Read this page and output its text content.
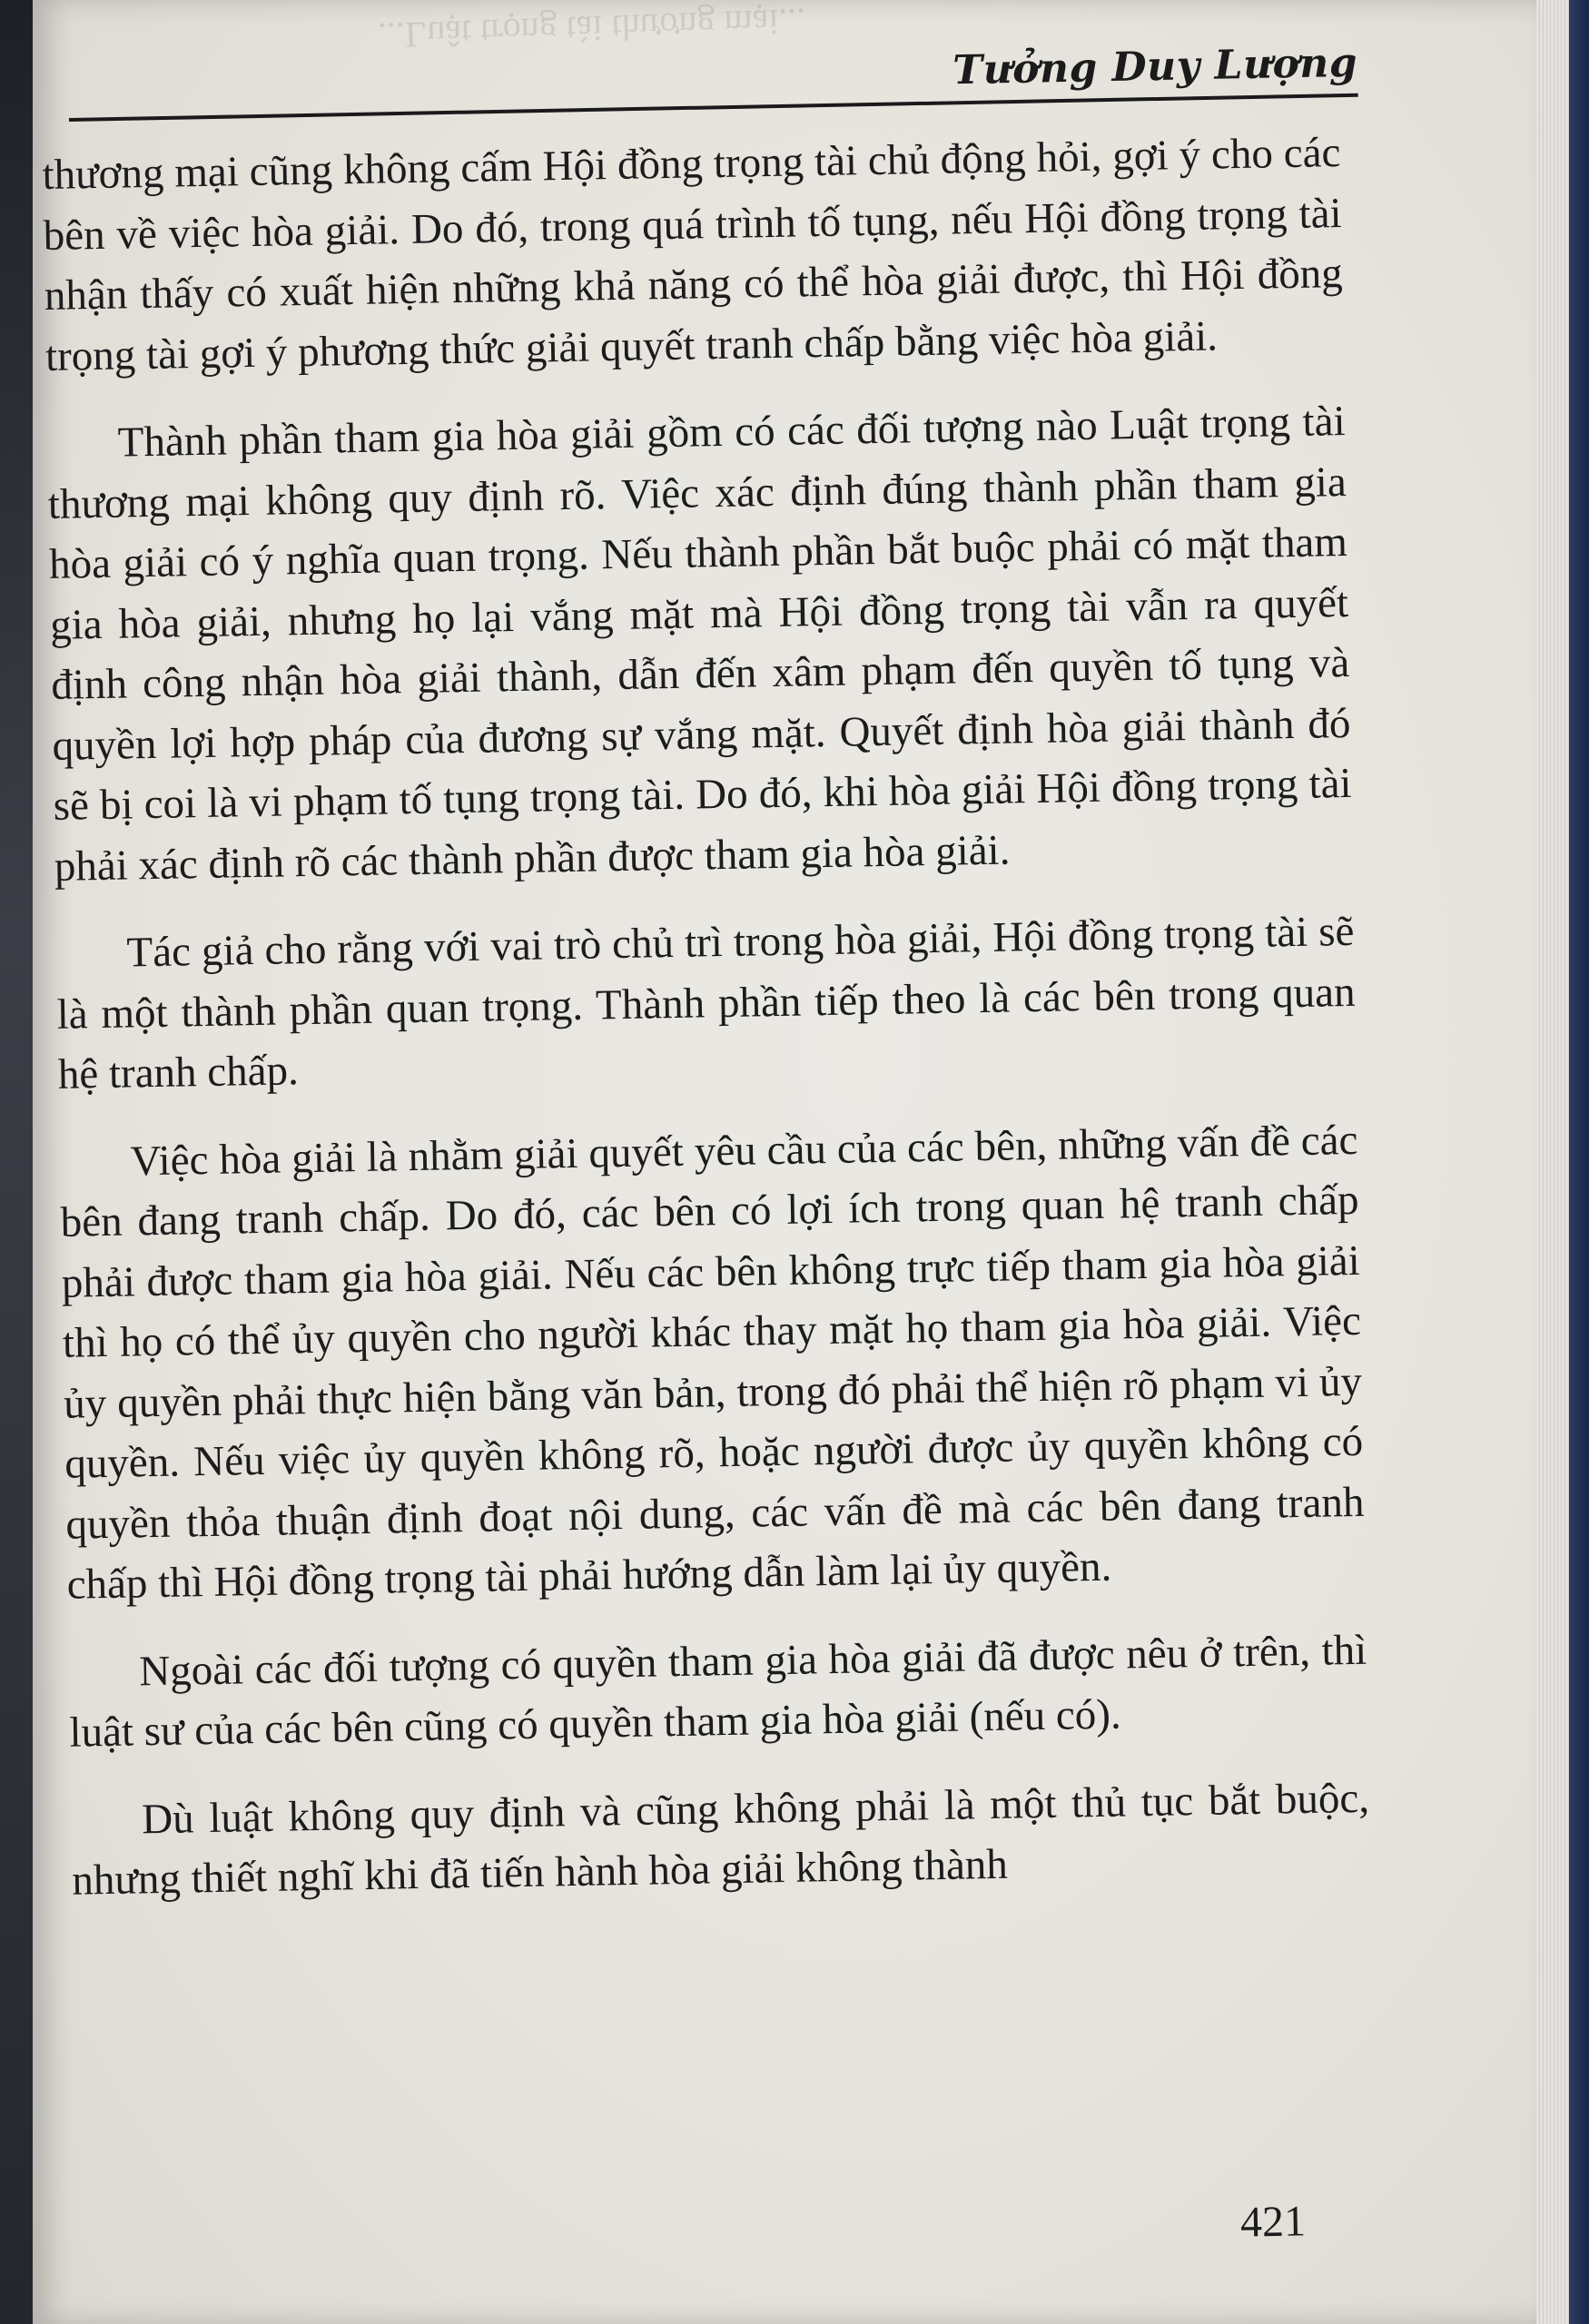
...Luật trọng tài thương mại...
Tưởng Duy Lượng

thương mại cũng không cấm Hội đồng trọng tài chủ động hỏi, gợi ý cho các bên về việc hòa giải. Do đó, trong quá trình tố tụng, nếu Hội đồng trọng tài nhận thấy có xuất hiện những khả năng có thể hòa giải được, thì Hội đồng trọng tài gợi ý phương thức giải quyết tranh chấp bằng việc hòa giải.

Thành phần tham gia hòa giải gồm có các đối tượng nào Luật trọng tài thương mại không quy định rõ. Việc xác định đúng thành phần tham gia hòa giải có ý nghĩa quan trọng. Nếu thành phần bắt buộc phải có mặt tham gia hòa giải, nhưng họ lại vắng mặt mà Hội đồng trọng tài vẫn ra quyết định công nhận hòa giải thành, dẫn đến xâm phạm đến quyền tố tụng và quyền lợi hợp pháp của đương sự vắng mặt. Quyết định hòa giải thành đó sẽ bị coi là vi phạm tố tụng trọng tài. Do đó, khi hòa giải Hội đồng trọng tài phải xác định rõ các thành phần được tham gia hòa giải.

Tác giả cho rằng với vai trò chủ trì trong hòa giải, Hội đồng trọng tài sẽ là một thành phần quan trọng. Thành phần tiếp theo là các bên trong quan hệ tranh chấp.

Việc hòa giải là nhằm giải quyết yêu cầu của các bên, những vấn đề các bên đang tranh chấp. Do đó, các bên có lợi ích trong quan hệ tranh chấp phải được tham gia hòa giải. Nếu các bên không trực tiếp tham gia hòa giải thì họ có thể ủy quyền cho người khác thay mặt họ tham gia hòa giải. Việc ủy quyền phải thực hiện bằng văn bản, trong đó phải thể hiện rõ phạm vi ủy quyền. Nếu việc ủy quyền không rõ, hoặc người được ủy quyền không có quyền thỏa thuận định đoạt nội dung, các vấn đề mà các bên đang tranh chấp thì Hội đồng trọng tài phải hướng dẫn làm lại ủy quyền.

Ngoài các đối tượng có quyền tham gia hòa giải đã được nêu ở trên, thì luật sư của các bên cũng có quyền tham gia hòa giải (nếu có).

Dù luật không quy định và cũng không phải là một thủ tục bắt buộc, nhưng thiết nghĩ khi đã tiến hành hòa giải không thành

421
